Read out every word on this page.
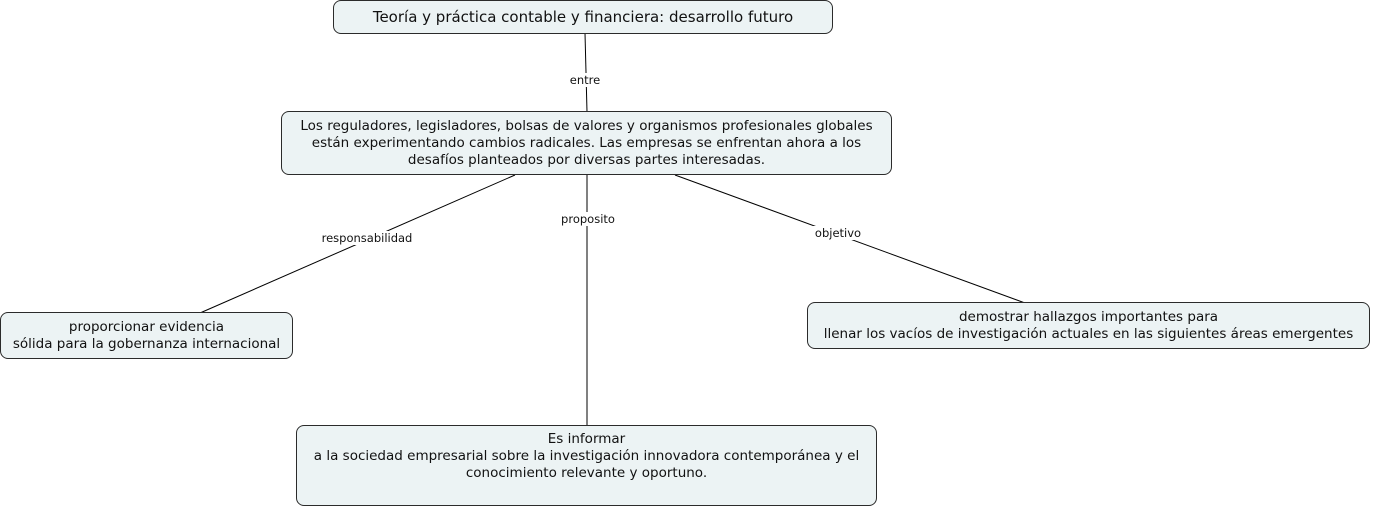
entre
responsabilidad
proposito
objetivo
Teoría y práctica contable y financiera: desarrollo futuro
Los reguladores, legisladores, bolsas de valores y organismos profesionales globales
están experimentando cambios radicales. Las empresas se enfrentan ahora a los
desafíos planteados por diversas partes interesadas.
proporcionar evidencia
sólida para la gobernanza internacional
Es informar
a la sociedad empresarial sobre la investigación innovadora contemporánea y el
conocimiento relevante y oportuno.
demostrar hallazgos importantes para
llenar los vacíos de investigación actuales en las siguientes áreas emergentes
